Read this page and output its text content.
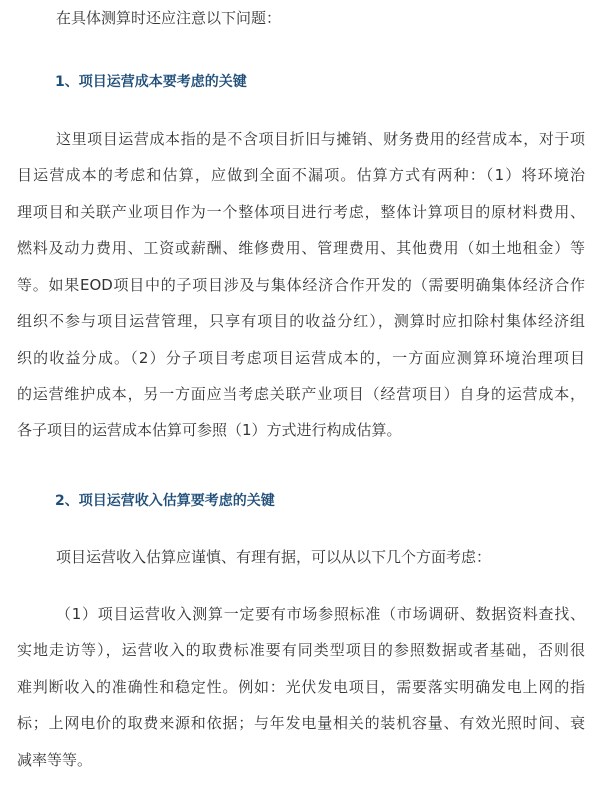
在具体测算时还应注意以下问题：
1、项目运营成本要考虑的关键
这里项目运营成本指的是不含项目折旧与摊销、财务费用的经营成本，对于项
目运营成本的考虑和估算，应做到全面不漏项。估算方式有两种：（1）将环境治
理项目和关联产业项目作为一个整体项目进行考虑，整体计算项目的原材料费用、
燃料及动力费用、工资或薪酬、维修费用、管理费用、其他费用（如土地租金）等
等。如果EOD项目中的子项目涉及与集体经济合作开发的（需要明确集体经济合作
组织不参与项目运营管理，只享有项目的收益分红），测算时应扣除村集体经济组
织的收益分成。（2）分子项目考虑项目运营成本的，一方面应测算环境治理项目
的运营维护成本，另一方面应当考虑关联产业项目（经营项目）自身的运营成本，
各子项目的运营成本估算可参照（1）方式进行构成估算。
2、项目运营收入估算要考虑的关键
项目运营收入估算应谨慎、有理有据，可以从以下几个方面考虑：
（1）项目运营收入测算一定要有市场参照标准（市场调研、数据资料查找、
实地走访等），运营收入的取费标准要有同类型项目的参照数据或者基础，否则很
难判断收入的准确性和稳定性。例如：光伏发电项目，需要落实明确发电上网的指
标；上网电价的取费来源和依据；与年发电量相关的装机容量、有效光照时间、衰
减率等等。
